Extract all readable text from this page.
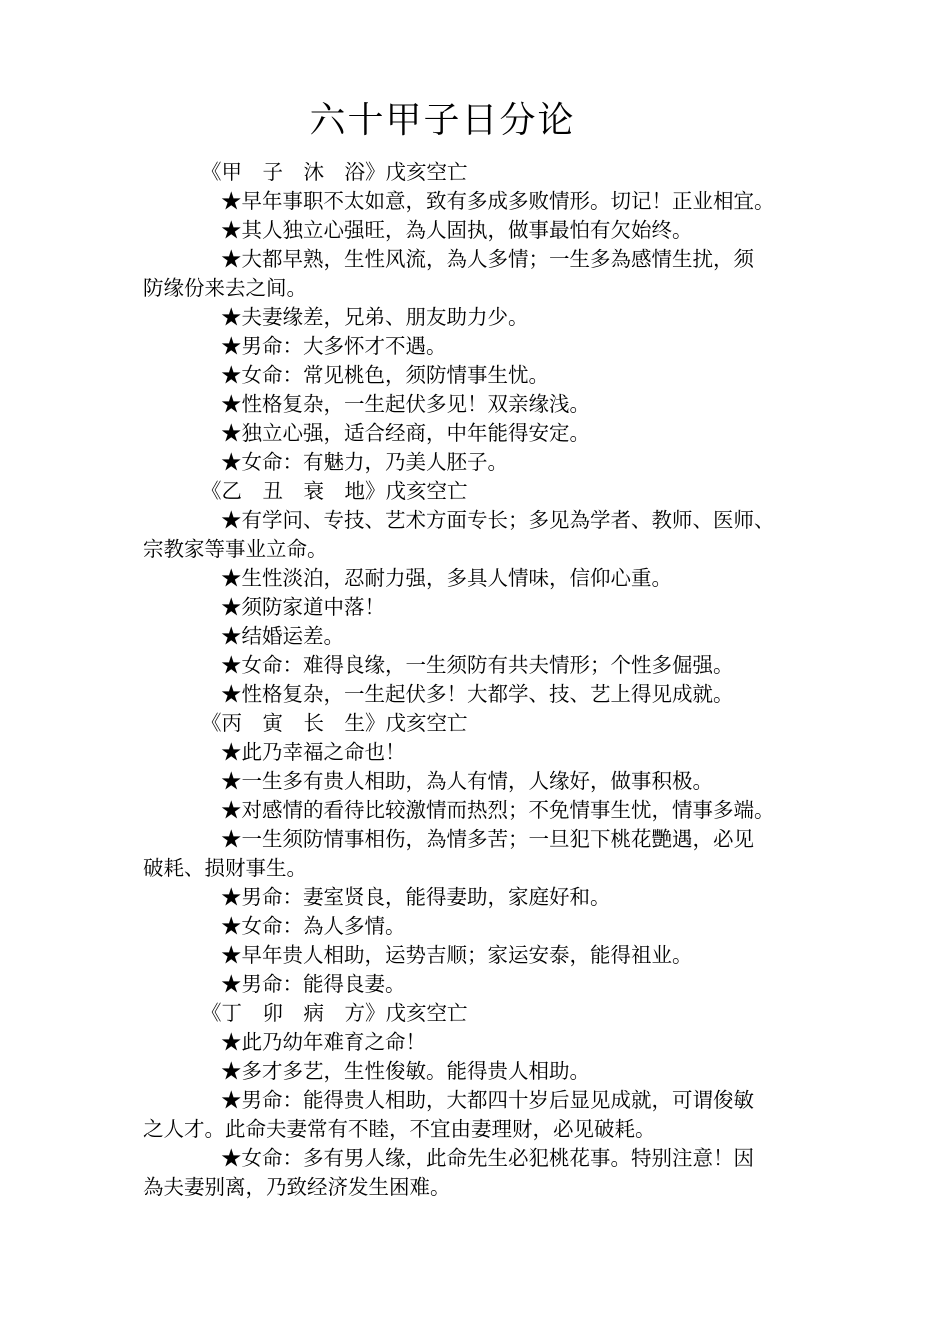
六十甲子日分论
《甲　子　沐　浴》戊亥空亡
★早年事职不太如意，致有多成多败情形。切记！正业相宜。
★其人独立心强旺，為人固执，做事最怕有欠始终。
★大都早熟，生性风流，為人多情；一生多為感情生扰，须
防缘份来去之间。
★夫妻缘差，兄弟、朋友助力少。
★男命：大多怀才不遇。
★女命：常见桃色，须防情事生忧。
★性格复杂，一生起伏多见！双亲缘浅。
★独立心强，适合经商，中年能得安定。
★女命：有魅力，乃美人胚子。
《乙　丑　衰　地》戊亥空亡
★有学问、专技、艺术方面专长；多见為学者、教师、医师、
宗教家等事业立命。
★生性淡泊，忍耐力强，多具人情味，信仰心重。
★须防家道中落！
★结婚运差。
★女命：难得良缘，一生须防有共夫情形；个性多倔强。
★性格复杂，一生起伏多！大都学、技、艺上得见成就。
《丙　寅　长　生》戊亥空亡
★此乃幸福之命也！
★一生多有贵人相助，為人有情，人缘好，做事积极。
★对感情的看待比较激情而热烈；不免情事生忧，情事多端。
★一生须防情事相伤，為情多苦；一旦犯下桃花艷遇，必见
破耗、损财事生。
★男命：妻室贤良，能得妻助，家庭好和。
★女命：為人多情。
★早年贵人相助，运势吉顺；家运安泰，能得祖业。
★男命：能得良妻。
《丁　卯　病　方》戊亥空亡
★此乃幼年难育之命！
★多才多艺，生性俊敏。能得贵人相助。
★男命：能得贵人相助，大都四十岁后显见成就，可谓俊敏
之人才。此命夫妻常有不睦，不宜由妻理财，必见破耗。
★女命：多有男人缘，此命先生必犯桃花事。特别注意！因
為夫妻别离，乃致经济发生困难。
